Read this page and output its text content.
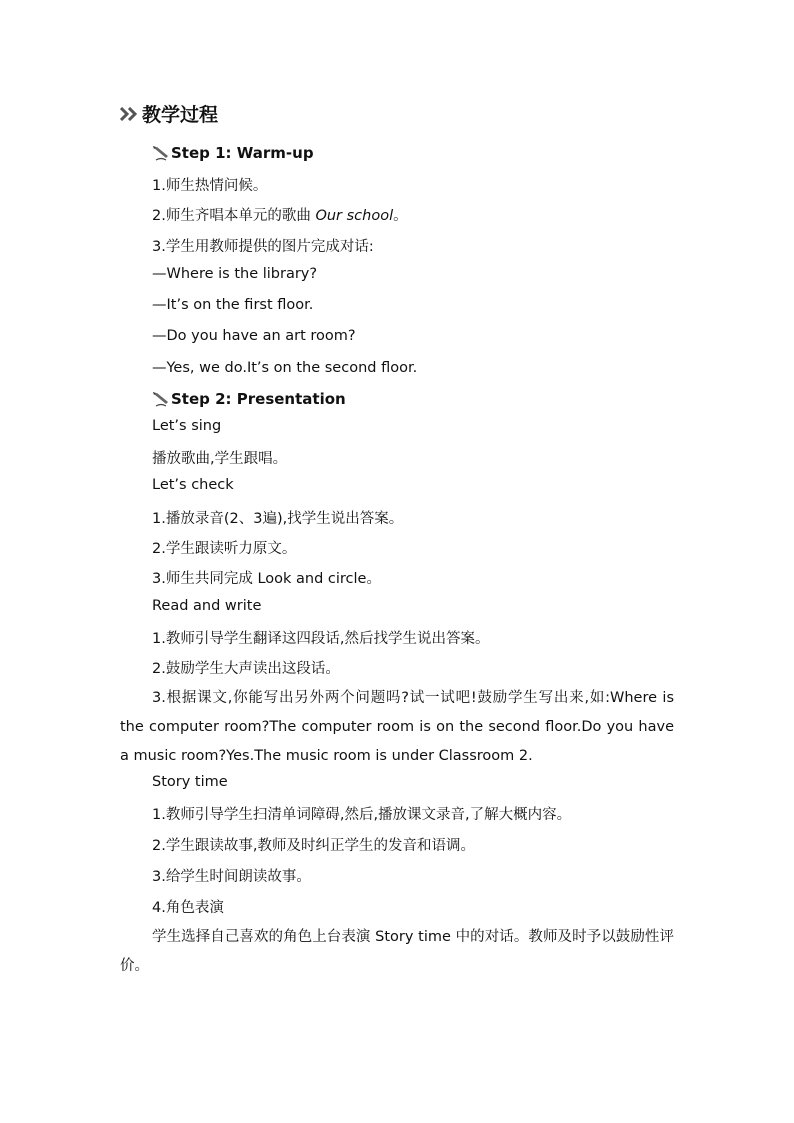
教学过程
Step 1: Warm-up
1.师生热情问候。
2.师生齐唱本单元的歌曲 Our school。
3.学生用教师提供的图片完成对话:
—Where is the library?
—It’s on the first floor.
—Do you have an art room?
—Yes, we do.It’s on the second floor.
Step 2: Presentation
Let’s sing
播放歌曲,学生跟唱。
Let’s check
1.播放录音(2、3遍),找学生说出答案。
2.学生跟读听力原文。
3.师生共同完成 Look and circle。
Read and write
1.教师引导学生翻译这四段话,然后找学生说出答案。
2.鼓励学生大声读出这段话。
3.根据课文,你能写出另外两个问题吗?试一试吧!鼓励学生写出来,如:Where is the computer room?The computer room is on the second floor.Do you have a music room?Yes.The music room is under Classroom 2.
Story time
1.教师引导学生扫清单词障碍,然后,播放课文录音,了解大概内容。
2.学生跟读故事,教师及时纠正学生的发音和语调。
3.给学生时间朗读故事。
4.角色表演
学生选择自己喜欢的角色上台表演 Story time 中的对话。教师及时予以鼓励性评价。
